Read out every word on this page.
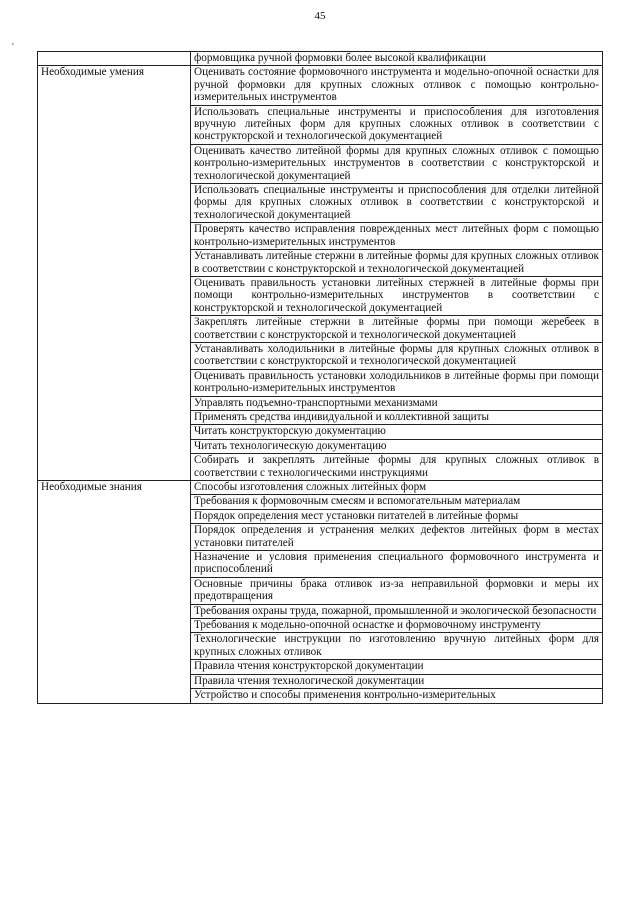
45
'
	формовщика ручной формовки более высокой квалификации
Необходимые умения	Оценивать состояние формовочного инструмента и модельно-опочной оснастки для ручной формовки для крупных сложных отливок с помощью контрольно-измерительных инструментов
	Использовать специальные инструменты и приспособления для изготовления вручную литейных форм для крупных сложных отливок в соответствии с конструкторской и технологической документацией
	Оценивать качество литейной формы для крупных сложных отливок с помощью контрольно-измерительных инструментов в соответствии с конструкторской и технологической документацией
	Использовать специальные инструменты и приспособления для отделки литейной формы для крупных сложных отливок в соответствии с конструкторской и технологической документацией
	Проверять качество исправления поврежденных мест литейных форм с помощью контрольно-измерительных инструментов
	Устанавливать литейные стержни в литейные формы для крупных сложных отливок в соответствии с конструкторской и технологической документацией
	Оценивать правильность установки литейных стержней в литейные формы при помощи контрольно-измерительных инструментов в соответствии с конструкторской и технологической документацией
	Закреплять литейные стержни в литейные формы при помощи жеребеек в соответствии с конструкторской и технологической документацией
	Устанавливать холодильники в литейные формы для крупных сложных отливок в соответствии с конструкторской и технологической документацией
	Оценивать правильность установки холодильников в литейные формы при помощи контрольно-измерительных инструментов
	Управлять подъемно-транспортными механизмами
	Применять средства индивидуальной и коллективной защиты
	Читать конструкторскую документацию
	Читать технологическую документацию
	Собирать и закреплять литейные формы для крупных сложных отливок в соответствии с технологическими инструкциями
Необходимые знания	Способы изготовления сложных литейных форм
	Требования к формовочным смесям и вспомогательным материалам
	Порядок определения мест установки питателей в литейные формы
	Порядок определения и устранения мелких дефектов литейных форм в местах установки питателей
	Назначение и условия применения специального формовочного инструмента и приспособлений
	Основные причины брака отливок из-за неправильной формовки и меры их предотвращения
	Требования охраны труда, пожарной, промышленной и экологической безопасности
	Требования к модельно-опочной оснастке и формовочному инструменту
	Технологические инструкции по изготовлению вручную литейных форм для крупных сложных отливок
	Правила чтения конструкторской документации
	Правила чтения технологической документации
	Устройство и способы применения контрольно-измерительных
